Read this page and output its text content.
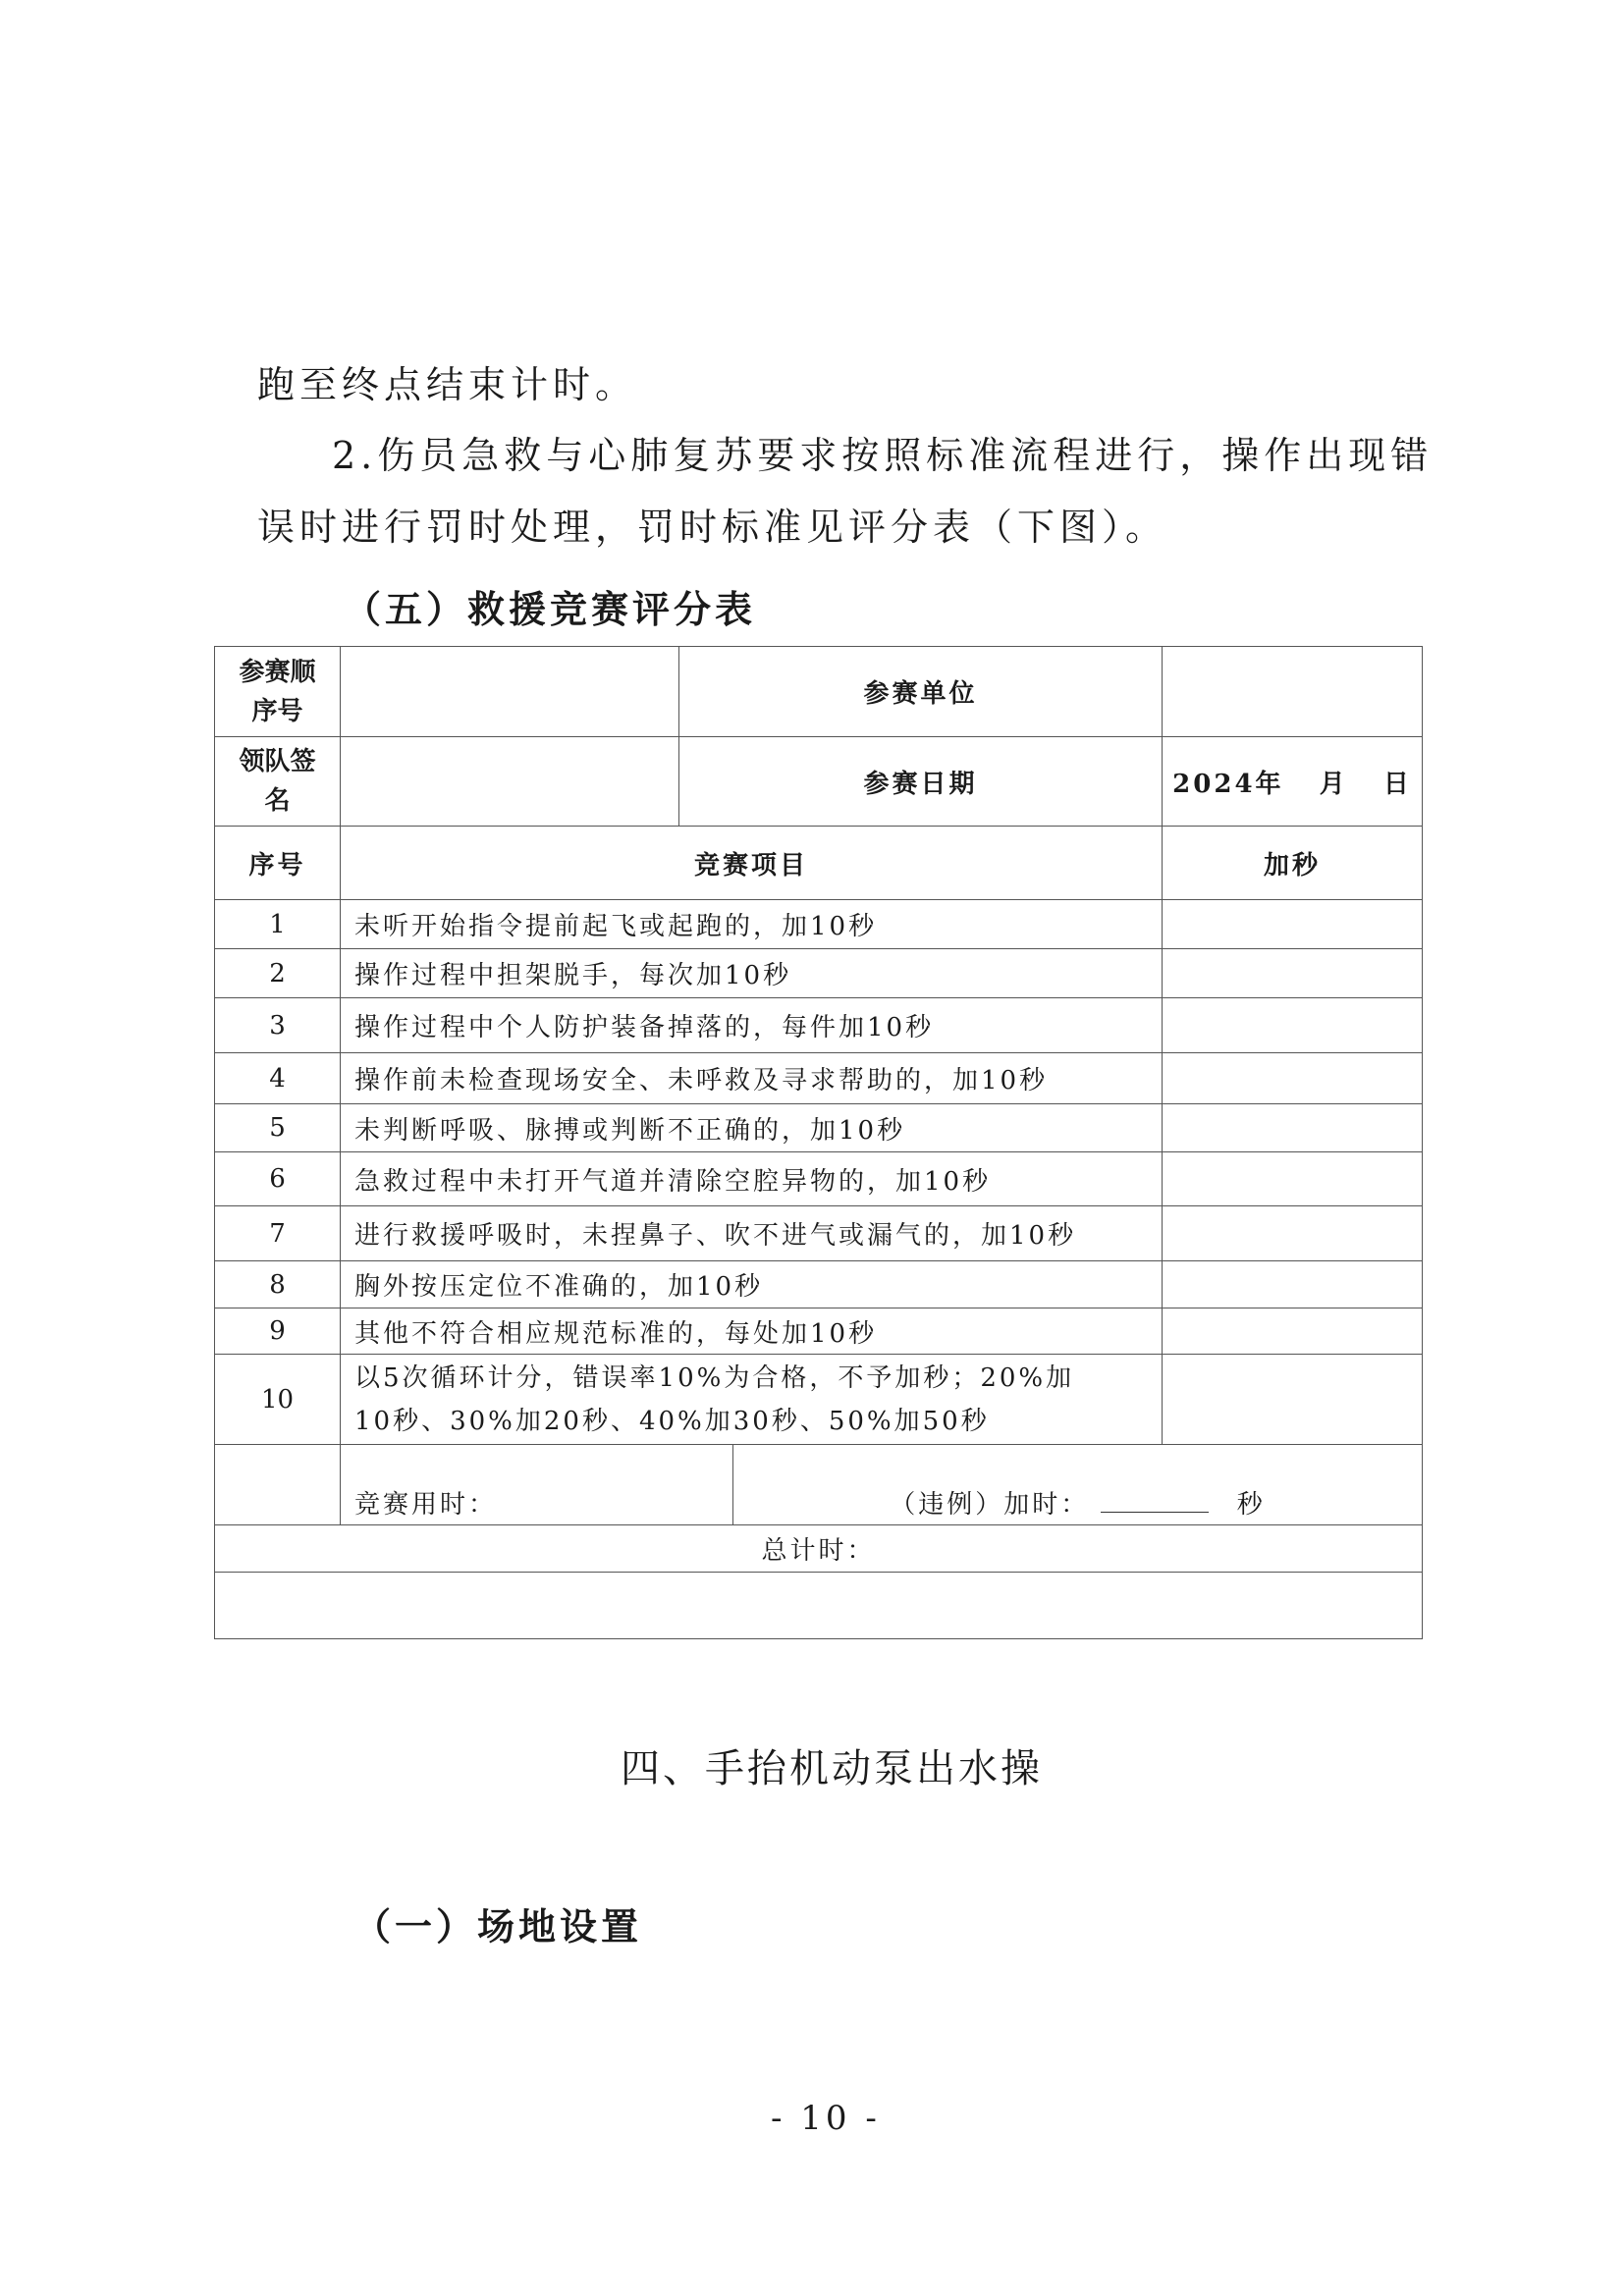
跑至终点结束计时。
2.伤员急救与心肺复苏要求按照标准流程进行，操作出现错
误时进行罚时处理，罚时标准见评分表（下图）。
（五）救援竞赛评分表
参赛顺序号		参赛单位		
领队签名		参赛日期		2024年   月   日
序号	竞赛项目			加秒
1	未听开始指令提前起飞或起跑的，加10秒			
2	操作过程中担架脱手，每次加10秒			
3	操作过程中个人防护装备掉落的，每件加10秒			
4	操作前未检查现场安全、未呼救及寻求帮助的，加10秒			
5	未判断呼吸、脉搏或判断不正确的，加10秒			
6	急救过程中未打开气道并清除空腔异物的，加10秒			
7	进行救援呼吸时，未捏鼻子、吹不进气或漏气的，加10秒			
8	胸外按压定位不准确的，加10秒			
9	其他不符合相应规范标准的，每处加10秒			
10	以5次循环计分，错误率10%为合格，不予加秒；20%加
10秒、30%加20秒、40%加30秒、50%加50秒			

	竞赛用时：		（违例）加时： 秒	
总计时：				

四、手抬机动泵出水操
（一）场地设置
- 10 -
